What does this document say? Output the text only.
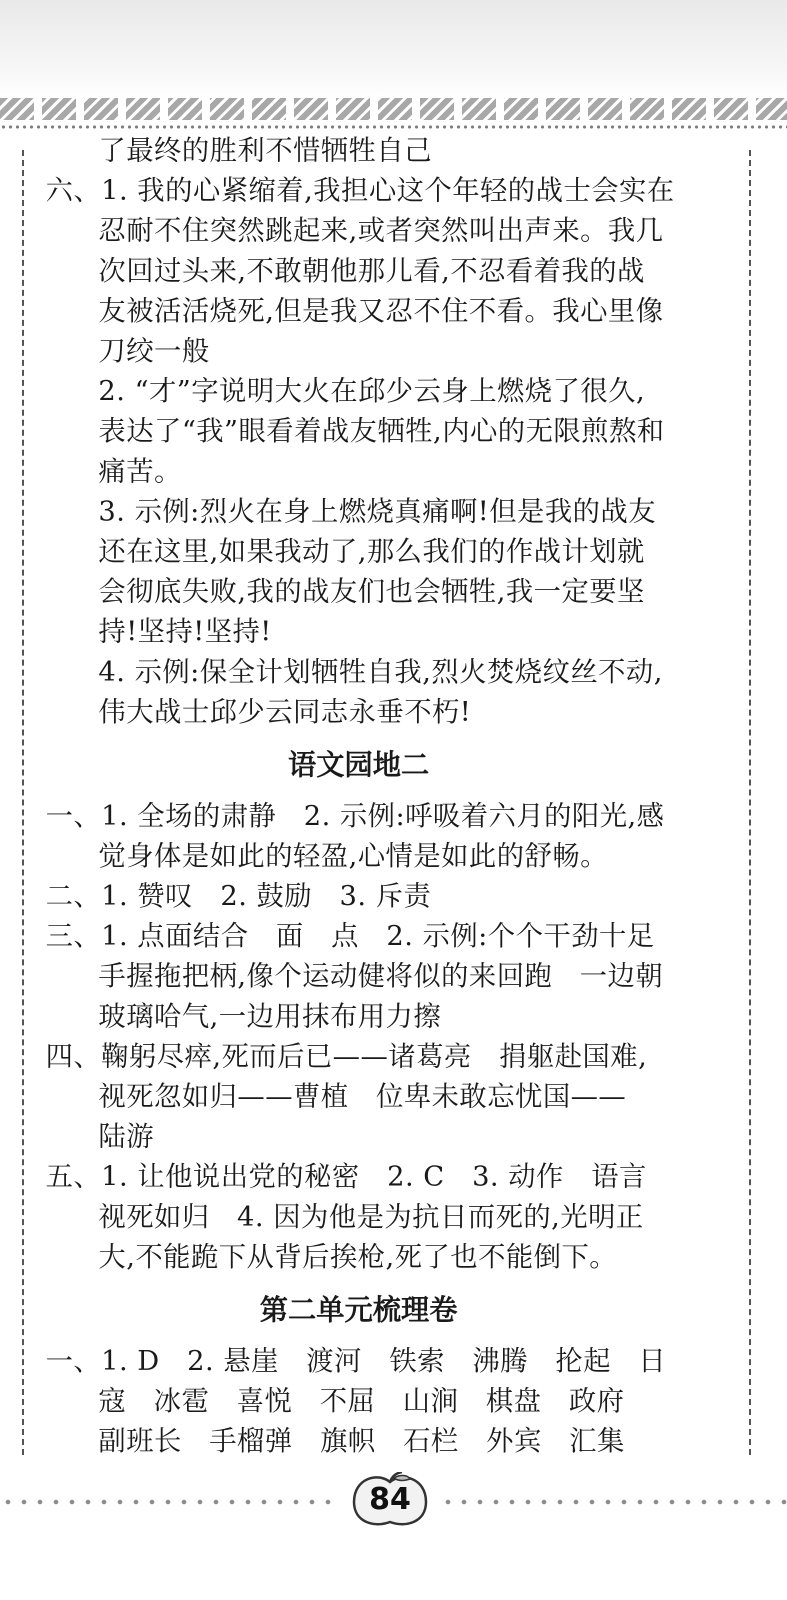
了最终的胜利不惜牺牲自己
六、1. 我的心紧缩着,我担心这个年轻的战士会实在
忍耐不住突然跳起来,或者突然叫出声来。我几
次回过头来,不敢朝他那儿看,不忍看着我的战
友被活活烧死,但是我又忍不住不看。我心里像
刀绞一般
2. “才”字说明大火在邱少云身上燃烧了很久,
表达了“我”眼看着战友牺牲,内心的无限煎熬和
痛苦。
3. 示例:烈火在身上燃烧真痛啊!但是我的战友
还在这里,如果我动了,那么我们的作战计划就
会彻底失败,我的战友们也会牺牲,我一定要坚
持!坚持!坚持!
4. 示例:保全计划牺牲自我,烈火焚烧纹丝不动,
伟大战士邱少云同志永垂不朽!
语文园地二
一、1. 全场的肃静   2. 示例:呼吸着六月的阳光,感
觉身体是如此的轻盈,心情是如此的舒畅。
二、1. 赞叹   2. 鼓励   3. 斥责
三、1. 点面结合   面   点   2. 示例:个个干劲十足
手握拖把柄,像个运动健将似的来回跑   一边朝
玻璃哈气,一边用抹布用力擦
四、鞠躬尽瘁,死而后已——诸葛亮   捐躯赴国难,
视死忽如归——曹植   位卑未敢忘忧国——
陆游
五、1. 让他说出党的秘密   2. C   3. 动作   语言
视死如归   4. 因为他是为抗日而死的,光明正
大,不能跪下从背后挨枪,死了也不能倒下。
第二单元梳理卷
一、1. D   2. 悬崖   渡河   铁索   沸腾   抡起   日
寇   冰雹   喜悦   不屈   山涧   棋盘   政府
副班长   手榴弹   旗帜   石栏   外宾   汇集
84
